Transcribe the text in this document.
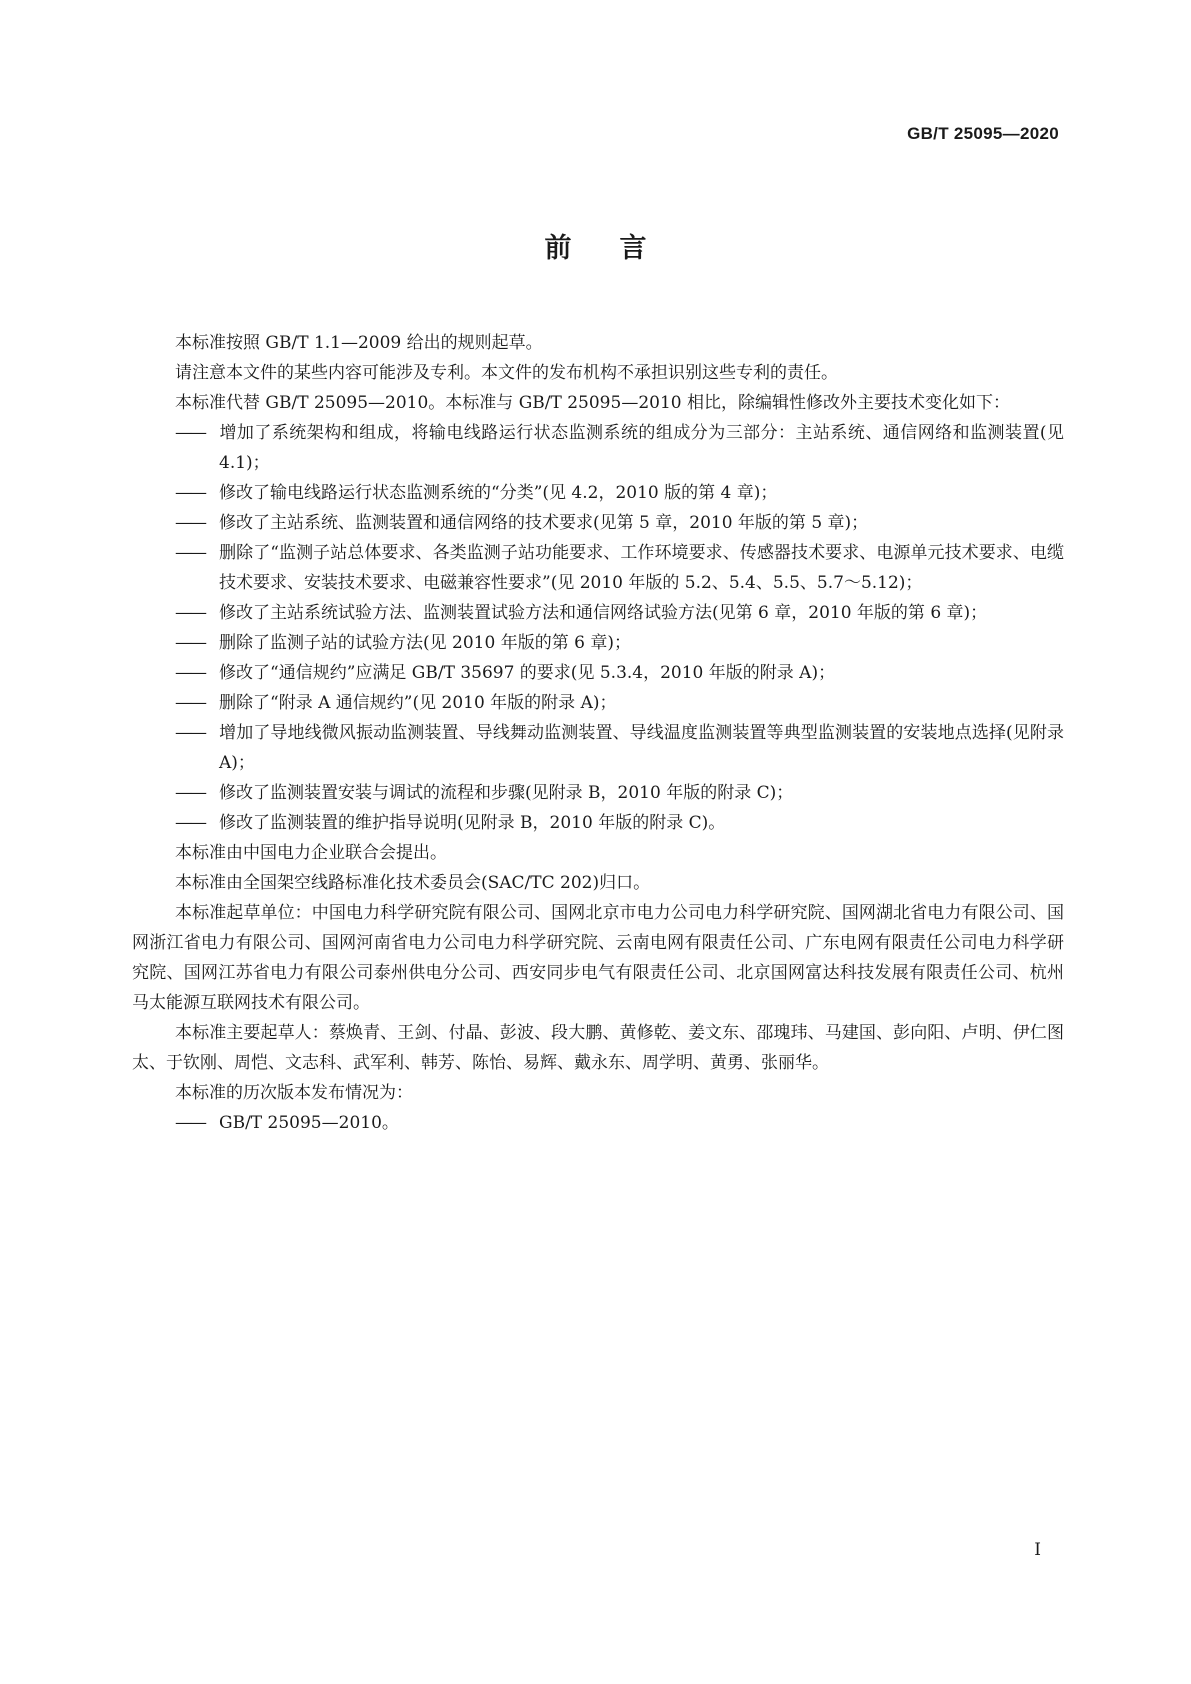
GB/T 25095—2020
前言

本标准按照 GB/T 1.1—2009 给出的规则起草。

请注意本文件的某些内容可能涉及专利。本文件的发布机构不承担识别这些专利的责任。

本标准代替 GB/T 25095—2010。本标准与 GB/T 25095—2010 相比，除编辑性修改外主要技术变化如下：

—— 增加了系统架构和组成，将输电线路运行状态监测系统的组成分为三部分：主站系统、通信网络和监测装置(见 4.1)；

—— 修改了输电线路运行状态监测系统的“分类”(见 4.2，2010 版的第 4 章)；

—— 修改了主站系统、监测装置和通信网络的技术要求(见第 5 章，2010 年版的第 5 章)；

—— 删除了“监测子站总体要求、各类监测子站功能要求、工作环境要求、传感器技术要求、电源单元技术要求、电缆技术要求、安装技术要求、电磁兼容性要求”(见 2010 年版的 5.2、5.4、5.5、5.7～5.12)；

—— 修改了主站系统试验方法、监测装置试验方法和通信网络试验方法(见第 6 章，2010 年版的第 6 章)；

—— 删除了监测子站的试验方法(见 2010 年版的第 6 章)；

—— 修改了“通信规约”应满足 GB/T 35697 的要求(见 5.3.4，2010 年版的附录 A)；

—— 删除了“附录 A 通信规约”(见 2010 年版的附录 A)；

—— 增加了导地线微风振动监测装置、导线舞动监测装置、导线温度监测装置等典型监测装置的安装地点选择(见附录 A)；

—— 修改了监测装置安装与调试的流程和步骤(见附录 B，2010 年版的附录 C)；

—— 修改了监测装置的维护指导说明(见附录 B，2010 年版的附录 C)。

本标准由中国电力企业联合会提出。

本标准由全国架空线路标准化技术委员会(SAC/TC 202)归口。

本标准起草单位：中国电力科学研究院有限公司、国网北京市电力公司电力科学研究院、国网湖北省电力有限公司、国网浙江省电力有限公司、国网河南省电力公司电力科学研究院、云南电网有限责任公司、广东电网有限责任公司电力科学研究院、国网江苏省电力有限公司泰州供电分公司、西安同步电气有限责任公司、北京国网富达科技发展有限责任公司、杭州马太能源互联网技术有限公司。

本标准主要起草人：蔡焕青、王剑、付晶、彭波、段大鹏、黄修乾、姜文东、邵瑰玮、马建国、彭向阳、卢明、伊仁图太、于钦刚、周恺、文志科、武军利、韩芳、陈怡、易辉、戴永东、周学明、黄勇、张丽华。

本标准的历次版本发布情况为：

—— GB/T 25095—2010。

I
